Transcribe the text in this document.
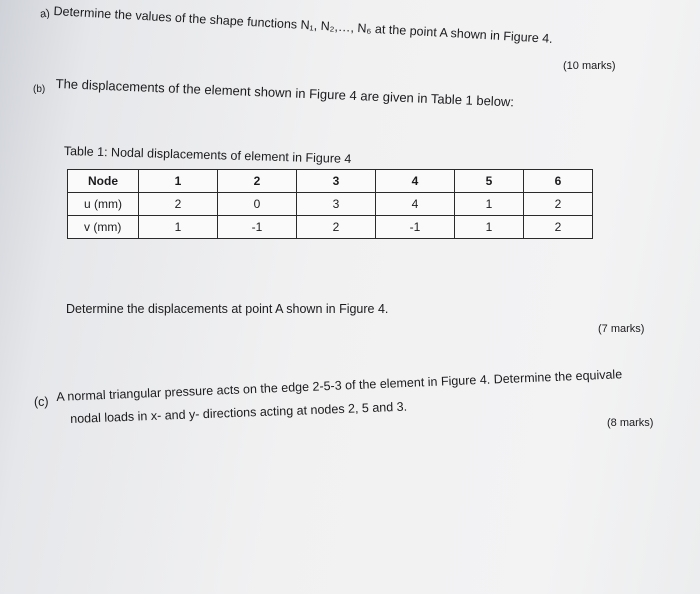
a) Determine the values of the shape functions N₁, N₂,…, N₆ at the point A shown in Figure 4.
(10 marks)
(b) The displacements of the element shown in Figure 4 are given in Table 1 below:
Table 1: Nodal displacements of element in Figure 4
Node	1	2	3	4	5	6
u (mm)	2	0	3	4	1	2
v (mm)	1	-1	2	-1	1	2
Determine the displacements at point A shown in Figure 4.
(7 marks)
(c) A normal triangular pressure acts on the edge 2-5-3 of the element in Figure 4. Determine the equivale
nodal loads in x- and y- directions acting at nodes 2, 5 and 3.	(8 marks)
